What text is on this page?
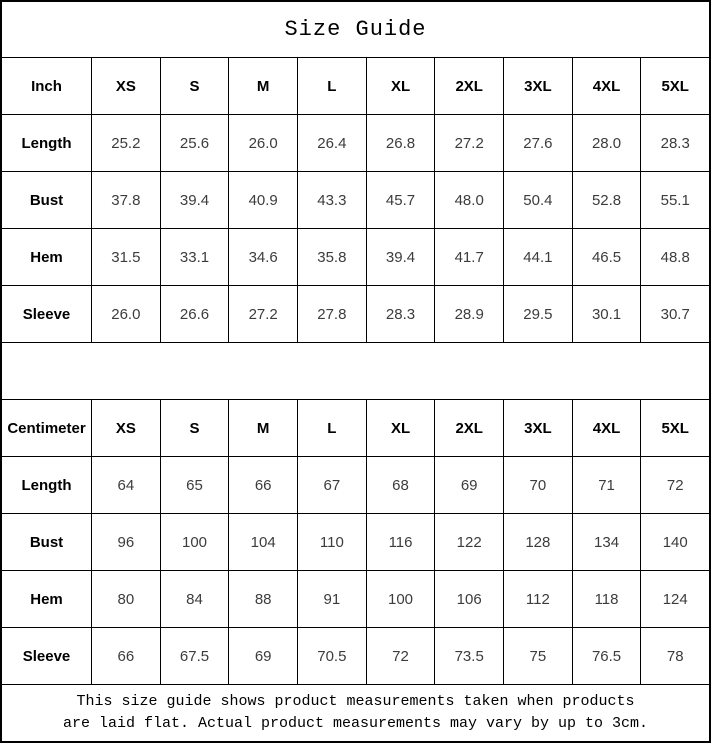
Size Guide
Inch	XS	S	M	L	XL	2XL	3XL	4XL	5XL
Length	25.2	25.6	26.0	26.4	26.8	27.2	27.6	28.0	28.3
Bust	37.8	39.4	40.9	43.3	45.7	48.0	50.4	52.8	55.1
Hem	31.5	33.1	34.6	35.8	39.4	41.7	44.1	46.5	48.8
Sleeve	26.0	26.6	27.2	27.8	28.3	28.9	29.5	30.1	30.7
Centimeter	XS	S	M	L	XL	2XL	3XL	4XL	5XL
Length	64	65	66	67	68	69	70	71	72
Bust	96	100	104	110	116	122	128	134	140
Hem	80	84	88	91	100	106	112	118	124
Sleeve	66	67.5	69	70.5	72	73.5	75	76.5	78
This size guide shows product measurements taken when products
are laid flat. Actual product measurements may vary by up to 3cm.
